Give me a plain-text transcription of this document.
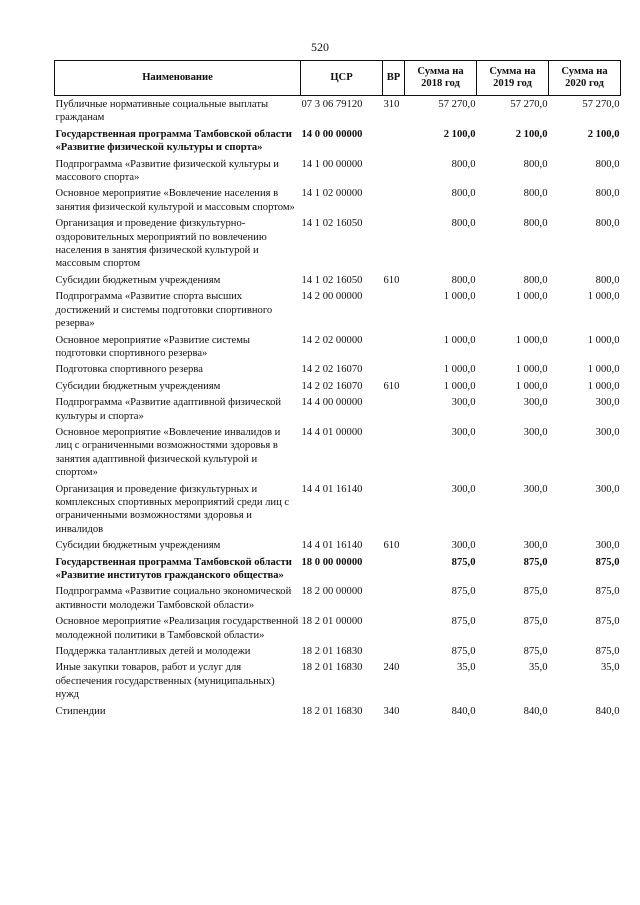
520
Наименование	ЦСР	ВР	Сумма на 2018 год	Сумма на 2019 год	Сумма на 2020 год
Публичные нормативные социальные выплаты гражданам	07 3 06 79120	310	57 270,0	57 270,0	57 270,0
Государственная программа Тамбовской области «Развитие физической культуры и спорта»	14 0 00 00000		2 100,0	2 100,0	2 100,0
Подпрограмма «Развитие физической культуры и массового спорта»	14 1 00 00000		800,0	800,0	800,0
Основное мероприятие «Вовлечение населения в занятия физической культурой и массовым спортом»	14 1 02 00000		800,0	800,0	800,0
Организация и проведение физкультурно-оздоровительных мероприятий по вовлечению населения в занятия физической культурой и массовым спортом	14 1 02 16050		800,0	800,0	800,0
Субсидии бюджетным учреждениям	14 1 02 16050	610	800,0	800,0	800,0
Подпрограмма «Развитие спорта высших достижений и системы подготовки спортивного резерва»	14 2 00 00000		1 000,0	1 000,0	1 000,0
Основное мероприятие «Развитие системы подготовки спортивного резерва»	14 2 02 00000		1 000,0	1 000,0	1 000,0
Подготовка спортивного резерва	14 2 02 16070		1 000,0	1 000,0	1 000,0
Субсидии бюджетным учреждениям	14 2 02 16070	610	1 000,0	1 000,0	1 000,0
Подпрограмма «Развитие адаптивной физической культуры и спорта»	14 4 00 00000		300,0	300,0	300,0
Основное мероприятие «Вовлечение инвалидов и лиц с ограниченными возможностями здоровья в занятия адаптивной физической культурой и спортом»	14 4 01 00000		300,0	300,0	300,0
Организация и проведение физкультурных и комплексных спортивных мероприятий среди лиц с ограниченными возможностями здоровья и инвалидов	14 4 01 16140		300,0	300,0	300,0
Субсидии бюджетным учреждениям	14 4 01 16140	610	300,0	300,0	300,0
Государственная программа Тамбовской области «Развитие институтов гражданского общества»	18 0 00 00000		875,0	875,0	875,0
Подпрограмма «Развитие социально экономической активности молодежи Тамбовской области»	18 2 00 00000		875,0	875,0	875,0
Основное мероприятие «Реализация государственной молодежной политики в Тамбовской области»	18 2 01 00000		875,0	875,0	875,0
Поддержка талантливых детей и молодежи	18 2 01 16830		875,0	875,0	875,0
Иные закупки товаров, работ и услуг для обеспечения государственных (муниципальных) нужд	18 2 01 16830	240	35,0	35,0	35,0
Стипендии	18 2 01 16830	340	840,0	840,0	840,0
